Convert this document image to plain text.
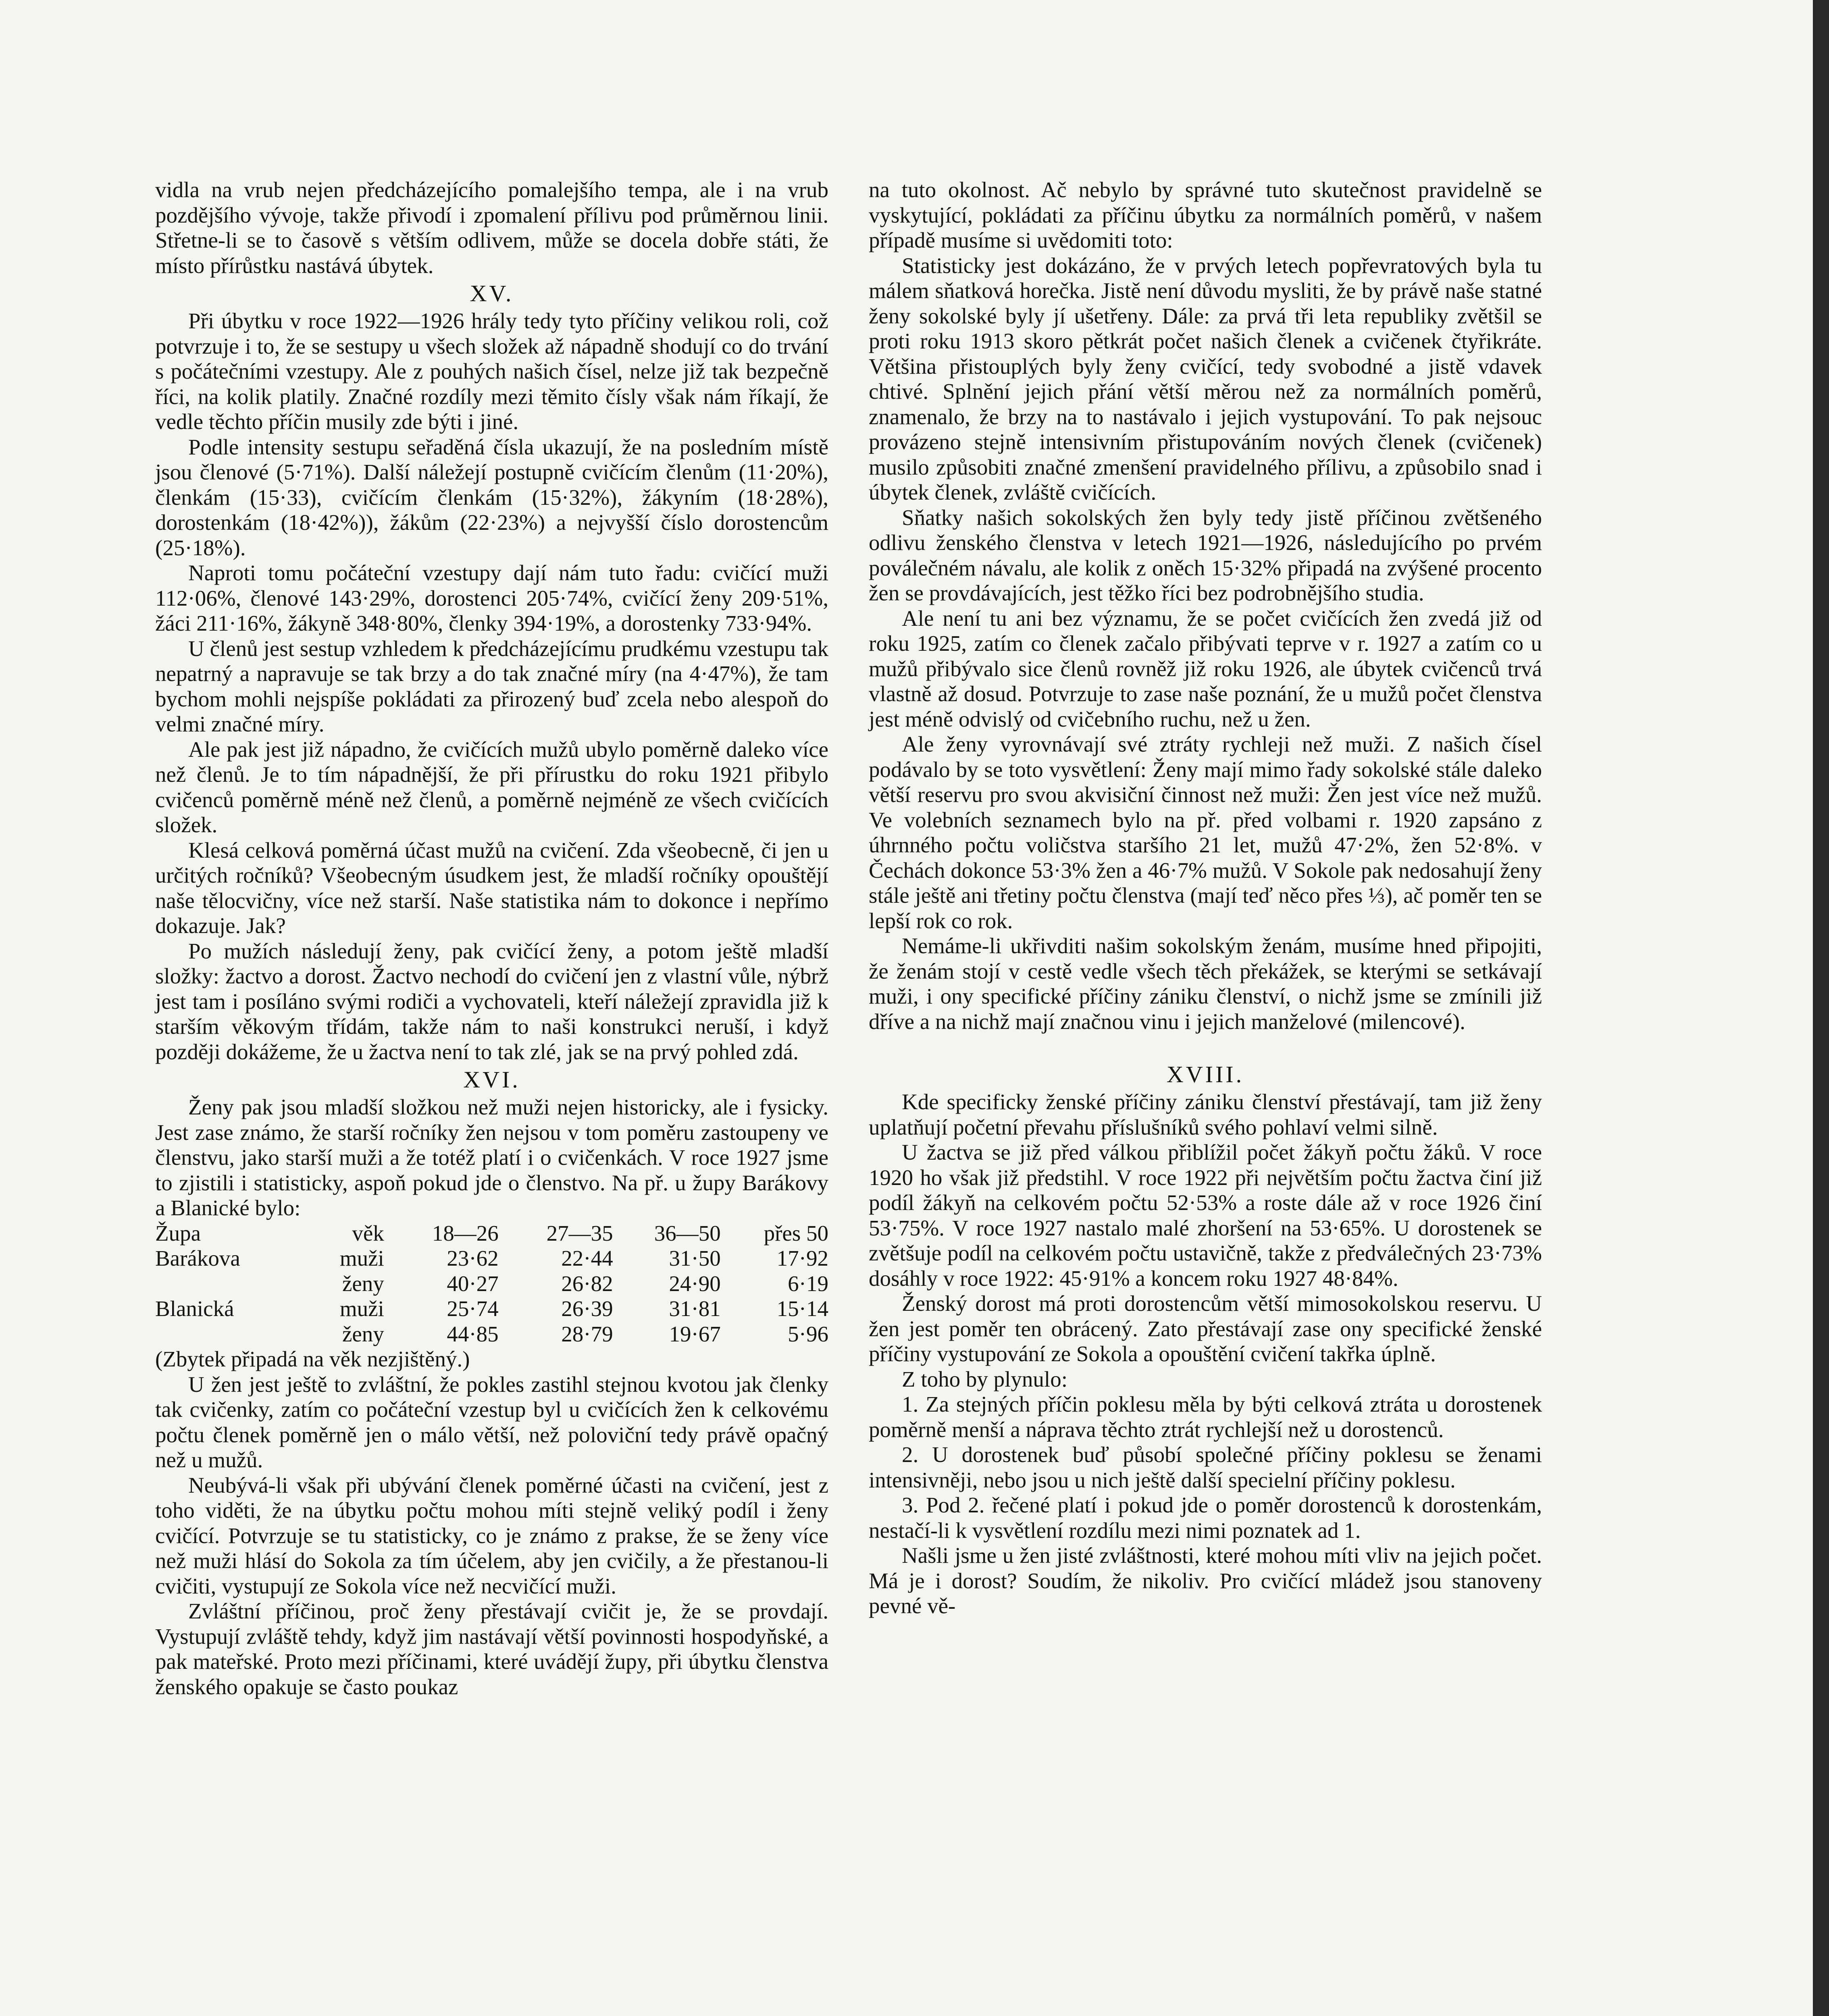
vidla na vrub nejen předcházejícího pomalejšího tempa, ale i na vrub pozdějšího vývoje, takže přivodí i zpomalení přílivu pod průměrnou linii. Střetne-li se to časově s větším odlivem, může se docela dobře státi, že místo přírůstku nastává úbytek.

XV.

Při úbytku v roce 1922—1926 hrály tedy tyto příčiny velikou roli, což potvrzuje i to, že se sestupy u všech složek až nápadně shodují co do trvání s počátečními vzestupy. Ale z pouhých našich čísel, nelze již tak bezpečně říci, na kolik platily. Značné rozdíly mezi těmito čísly však nám říkají, že vedle těchto příčin musily zde býti i jiné.

Podle intensity sestupu seřaděná čísla ukazují, že na posledním místě jsou členové (5·71%). Další náležejí postupně cvičícím členům (11·20%), členkám (15·33), cvičícím členkám (15·32%), žákyním (18·28%), dorostenkám (18·42%)), žákům (22·23%) a nejvyšší číslo dorostencům (25·18%).

Naproti tomu počáteční vzestupy dají nám tuto řadu: cvičící muži 112·06%, členové 143·29%, dorostenci 205·74%, cvičící ženy 209·51%, žáci 211·16%, žákyně 348·80%, členky 394·19%, a dorostenky 733·94%.

U členů jest sestup vzhledem k předcházejícímu prudkému vzestupu tak nepatrný a napravuje se tak brzy a do tak značné míry (na 4·47%), že tam bychom mohli nejspíše pokládati za přirozený buď zcela nebo alespoň do velmi značné míry.

Ale pak jest již nápadno, že cvičících mužů ubylo poměrně daleko více než členů. Je to tím nápadnější, že při přírustku do roku 1921 přibylo cvičenců poměrně méně než členů, a poměrně nejméně ze všech cvičících složek.

Klesá celková poměrná účast mužů na cvičení. Zda všeobecně, či jen u určitých ročníků? Všeobecným úsudkem jest, že mladší ročníky opouštějí naše tělocvičny, více než starší. Naše statistika nám to dokonce i nepřímo dokazuje. Jak?

Po mužích následují ženy, pak cvičící ženy, a potom ještě mladší složky: žactvo a dorost. Žactvo nechodí do cvičení jen z vlastní vůle, nýbrž jest tam i posíláno svými rodiči a vychovateli, kteří náležejí zpravidla již k starším věkovým třídám, takže nám to naši konstrukci neruší, i když později dokážeme, že u žactva není to tak zlé, jak se na prvý pohled zdá.

XVI.

Ženy pak jsou mladší složkou než muži nejen historicky, ale i fysicky. Jest zase známo, že starší ročníky žen nejsou v tom poměru zastoupeny ve členstvu, jako starší muži a že totéž platí i o cvičenkách. V roce 1927 jsme to zjistili i statisticky, aspoň pokud jde o členstvo. Na př. u župy Barákovy a Blanické bylo:

Župa	věk	18—26	27—35	36—50	přes 50
Barákova	muži	23·62	22·44	31·50	17·92
	ženy	40·27	26·82	24·90	6·19
Blanická	muži	25·74	26·39	31·81	15·14
	ženy	44·85	28·79	19·67	5·96

(Zbytek připadá na věk nezjištěný.)

U žen jest ještě to zvláštní, že pokles zastihl stejnou kvotou jak členky tak cvičenky, zatím co počáteční vzestup byl u cvičících žen k celkovému počtu členek poměrně jen o málo větší, než poloviční tedy právě opačný než u mužů.

Neubývá-li však při ubývání členek poměrné účasti na cvičení, jest z toho viděti, že na úbytku počtu mohou míti stejně veliký podíl i ženy cvičící. Potvrzuje se tu statisticky, co je známo z prakse, že se ženy více než muži hlásí do Sokola za tím účelem, aby jen cvičily, a že přestanou-li cvičiti, vystupují ze Sokola více než necvičící muži.

Zvláštní příčinou, proč ženy přestávají cvičit je, že se provdají. Vystupují zvláště tehdy, když jim nastávají větší povinnosti hospodyňské, a pak mateřské. Proto mezi příčinami, které uvádějí župy, při úbytku členstva ženského opakuje se často poukaz

na tuto okolnost. Ač nebylo by správné tuto skutečnost pravidelně se vyskytující, pokládati za příčinu úbytku za normálních poměrů, v našem případě musíme si uvědomiti toto:

Statisticky jest dokázáno, že v prvých letech popřevratových byla tu málem sňatková horečka. Jistě není důvodu mysliti, že by právě naše statné ženy sokolské byly jí ušetřeny. Dále: za prvá tři leta republiky zvětšil se proti roku 1913 skoro pětkrát počet našich členek a cvičenek čtyřikráte. Většina přistouplých byly ženy cvičící, tedy svobodné a jistě vdavek chtivé. Splnění jejich přání větší měrou než za normálních poměrů, znamenalo, že brzy na to nastávalo i jejich vystupování. To pak nejsouc provázeno stejně intensivním přistupováním nových členek (cvičenek) musilo způsobiti značné zmenšení pravidelného přílivu, a způsobilo snad i úbytek členek, zvláště cvičících.

Sňatky našich sokolských žen byly tedy jistě příčinou zvětšeného odlivu ženského členstva v letech 1921—1926, následujícího po prvém poválečném návalu, ale kolik z oněch 15·32% připadá na zvýšené procento žen se provdávajících, jest těžko říci bez podrobnějšího studia.

Ale není tu ani bez významu, že se počet cvičících žen zvedá již od roku 1925, zatím co členek začalo přibývati teprve v r. 1927 a zatím co u mužů přibývalo sice členů rovněž již roku 1926, ale úbytek cvičenců trvá vlastně až dosud. Potvrzuje to zase naše poznání, že u mužů počet členstva jest méně odvislý od cvičebního ruchu, než u žen.

Ale ženy vyrovnávají své ztráty rychleji než muži. Z našich čísel podávalo by se toto vysvětlení: Ženy mají mimo řady sokolské stále daleko větší reservu pro svou akvisiční činnost než muži: Žen jest více než mužů. Ve volebních seznamech bylo na př. před volbami r. 1920 zapsáno z úhrnného počtu voličstva staršího 21 let, mužů 47·2%, žen 52·8%. v Čechách dokonce 53·3% žen a 46·7% mužů. V Sokole pak nedosahují ženy stále ještě ani třetiny počtu členstva (mají teď něco přes ⅓), ač poměr ten se lepší rok co rok.

Nemáme-li ukřivditi našim sokolským ženám, musíme hned připojiti, že ženám stojí v cestě vedle všech těch překážek, se kterými se setkávají muži, i ony specifické příčiny zániku členství, o nichž jsme se zmínili již dříve a na nichž mají značnou vinu i jejich manželové (milencové).

XVIII.

Kde specificky ženské příčiny zániku členství přestávají, tam již ženy uplatňují početní převahu příslušníků svého pohlaví velmi silně.

U žactva se již před válkou přiblížil počet žákyň počtu žáků. V roce 1920 ho však již předstihl. V roce 1922 při největším počtu žactva činí již podíl žákyň na celkovém počtu 52·53% a roste dále až v roce 1926 činí 53·75%. V roce 1927 nastalo malé zhoršení na 53·65%. U dorostenek se zvětšuje podíl na celkovém počtu ustavičně, takže z předválečných 23·73% dosáhly v roce 1922: 45·91% a koncem roku 1927 48·84%.

Ženský dorost má proti dorostencům větší mimosokolskou reservu. U žen jest poměr ten obrácený. Zato přestávají zase ony specifické ženské příčiny vystupování ze Sokola a opouštění cvičení takřka úplně.

Z toho by plynulo:

1. Za stejných příčin poklesu měla by býti celková ztráta u dorostenek poměrně menší a náprava těchto ztrát rychlejší než u dorostenců.

2. U dorostenek buď působí společné příčiny poklesu se ženami intensivněji, nebo jsou u nich ještě další specielní příčiny poklesu.

3. Pod 2. řečené platí i pokud jde o poměr dorostenců k dorostenkám, nestačí-li k vysvětlení rozdílu mezi nimi poznatek ad 1.

Našli jsme u žen jisté zvláštnosti, které mohou míti vliv na jejich počet. Má je i dorost? Soudím, že nikoliv. Pro cvičící mládež jsou stanoveny pevné vě-
